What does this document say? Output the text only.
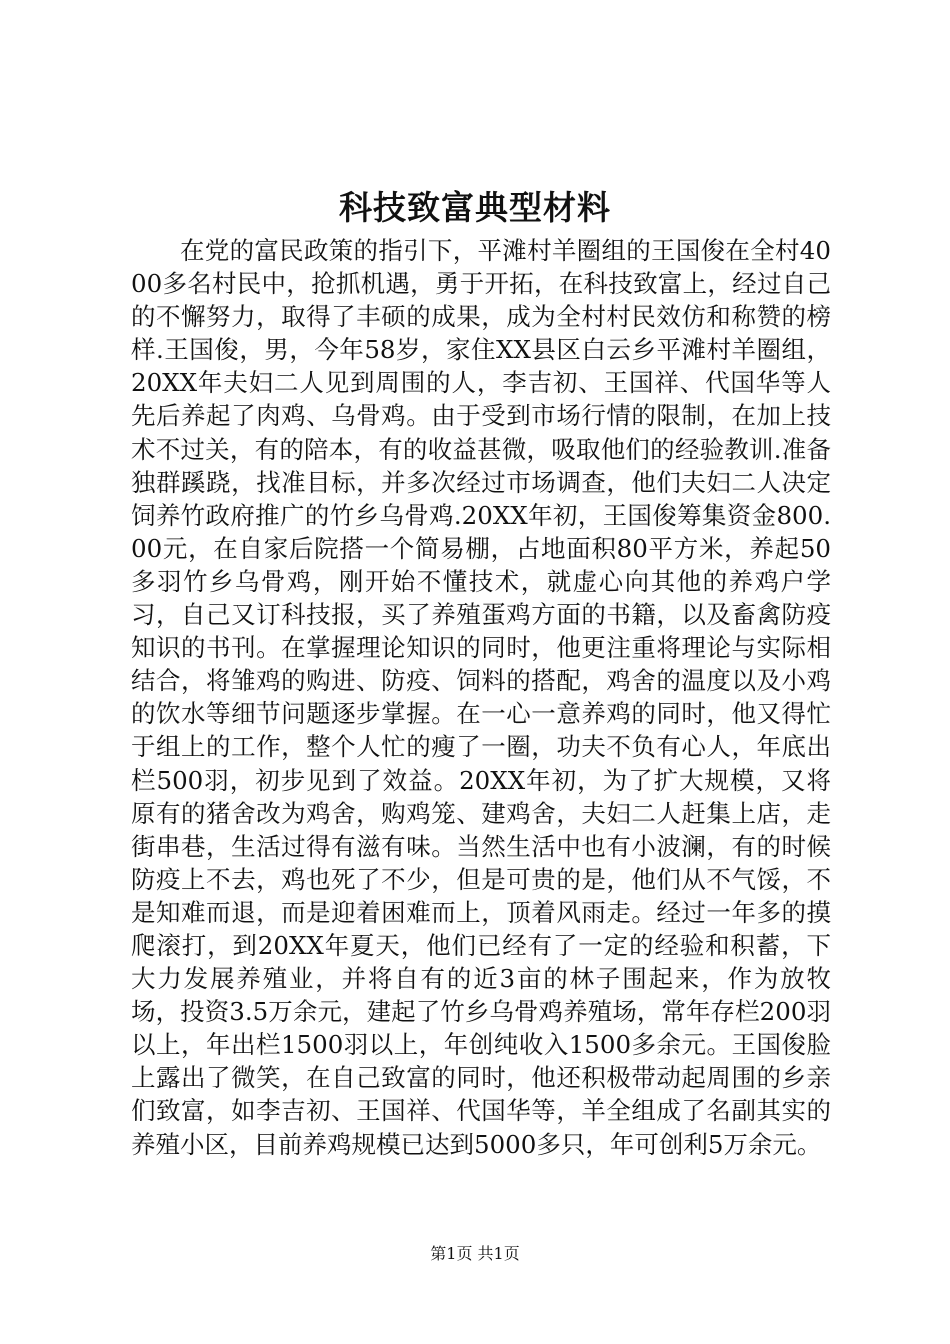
科技致富典型材料

在党的富民政策的指引下，平滩村羊圈组的王国俊在全村4000多名村民中，抢抓机遇，勇于开拓，在科技致富上，经过自己的不懈努力，取得了丰硕的成果，成为全村村民效仿和称赞的榜样.王国俊，男，今年58岁，家住XX县区白云乡平滩村羊圈组，20XX年夫妇二人见到周围的人，李吉初、王国祥、代国华等人先后养起了肉鸡、乌骨鸡。由于受到市场行情的限制，在加上技术不过关，有的陪本，有的收益甚微，吸取他们的经验教训.准备独群蹊跷，找准目标，并多次经过市场调查，他们夫妇二人决定饲养竹政府推广的竹乡乌骨鸡.20XX年初，王国俊筹集资金800.00元，在自家后院搭一个简易棚，占地面积80平方米，养起50多羽竹乡乌骨鸡，刚开始不懂技术，就虚心向其他的养鸡户学习，自己又订科技报，买了养殖蛋鸡方面的书籍，以及畜禽防疫知识的书刊。在掌握理论知识的同时，他更注重将理论与实际相结合，将雏鸡的购进、防疫、饲料的搭配，鸡舍的温度以及小鸡的饮水等细节问题逐步掌握。在一心一意养鸡的同时，他又得忙于组上的工作，整个人忙的瘦了一圈，功夫不负有心人，年底出栏500羽，初步见到了效益。20XX年初，为了扩大规模，又将原有的猪舍改为鸡舍，购鸡笼、建鸡舍，夫妇二人赶集上店，走街串巷，生活过得有滋有味。当然生活中也有小波澜，有的时候防疫上不去，鸡也死了不少，但是可贵的是，他们从不气馁，不是知难而退，而是迎着困难而上，顶着风雨走。经过一年多的摸爬滚打，到20XX年夏天，他们已经有了一定的经验和积蓄，下大力发展养殖业，并将自有的近3亩的林子围起来，作为放牧场，投资3.5万余元，建起了竹乡乌骨鸡养殖场，常年存栏200羽以上，年出栏1500羽以上，年创纯收入1500多余元。王国俊脸上露出了微笑，在自己致富的同时，他还积极带动起周围的乡亲们致富，如李吉初、王国祥、代国华等，羊全组成了名副其实的养殖小区，目前养鸡规模已达到5000多只，年可创利5万余元。

第1页 共1页
